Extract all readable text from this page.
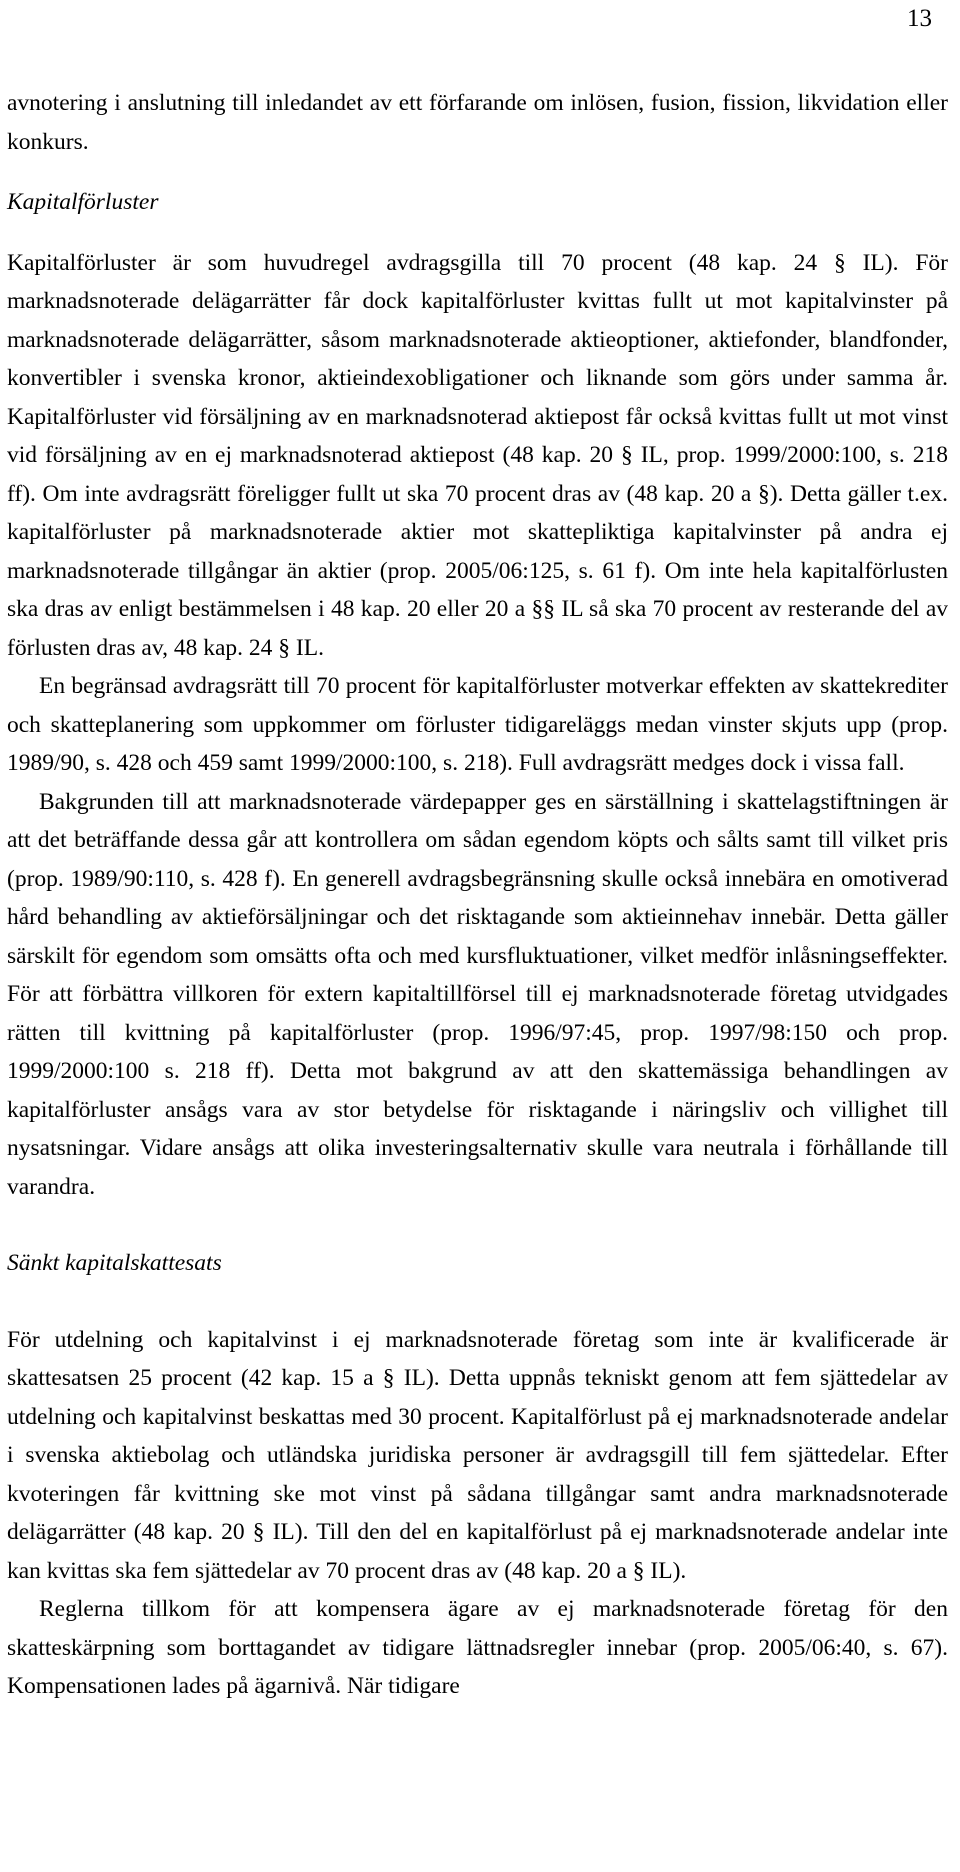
13

avnotering i anslutning till inledandet av ett förfarande om inlösen, fusion, fission, likvidation eller konkurs.

Kapitalförluster

Kapitalförluster är som huvudregel avdragsgilla till 70 procent (48 kap. 24 § IL). För marknadsnoterade delägarrätter får dock kapitalförluster kvittas fullt ut mot kapitalvinster på marknadsnoterade delägarrätter, såsom marknadsnoterade aktieoptioner, aktiefonder, blandfonder, konvertibler i svenska kronor, aktieindexobligationer och liknande som görs under samma år. Kapitalförluster vid försäljning av en marknadsnoterad aktiepost får också kvittas fullt ut mot vinst vid försäljning av en ej marknadsnoterad aktiepost (48 kap. 20 § IL, prop. 1999/2000:100, s. 218 ff). Om inte avdragsrätt föreligger fullt ut ska 70 procent dras av (48 kap. 20 a §). Detta gäller t.ex. kapitalförluster på marknadsnoterade aktier mot skattepliktiga kapitalvinster på andra ej marknadsnoterade tillgångar än aktier (prop. 2005/06:125, s. 61 f). Om inte hela kapitalförlusten ska dras av enligt bestämmelsen i 48 kap. 20 eller 20 a §§ IL så ska 70 procent av resterande del av förlusten dras av, 48 kap. 24 § IL.

En begränsad avdragsrätt till 70 procent för kapitalförluster motverkar effekten av skattekrediter och skatteplanering som uppkommer om förluster tidigareläggs medan vinster skjuts upp (prop. 1989/90, s. 428 och 459 samt 1999/2000:100, s. 218). Full avdragsrätt medges dock i vissa fall.

Bakgrunden till att marknadsnoterade värdepapper ges en särställning i skattelagstiftningen är att det beträffande dessa går att kontrollera om sådan egendom köpts och sålts samt till vilket pris (prop. 1989/90:110, s. 428 f). En generell avdragsbegränsning skulle också innebära en omotiverad hård behandling av aktieförsäljningar och det risktagande som aktieinnehav innebär. Detta gäller särskilt för egendom som omsätts ofta och med kursfluktuationer, vilket medför inlåsningseffekter. För att förbättra villkoren för extern kapitaltillförsel till ej marknadsnoterade företag utvidgades rätten till kvittning på kapitalförluster (prop. 1996/97:45, prop. 1997/98:150 och prop. 1999/2000:100 s. 218 ff). Detta mot bakgrund av att den skattemässiga behandlingen av kapitalförluster ansågs vara av stor betydelse för risktagande i näringsliv och villighet till nysatsningar. Vidare ansågs att olika investeringsalternativ skulle vara neutrala i förhållande till varandra.

Sänkt kapitalskattesats

För utdelning och kapitalvinst i ej marknadsnoterade företag som inte är kvalificerade är skattesatsen 25 procent (42 kap. 15 a § IL). Detta uppnås tekniskt genom att fem sjättedelar av utdelning och kapitalvinst beskattas med 30 procent. Kapitalförlust på ej marknadsnoterade andelar i svenska aktiebolag och utländska juridiska personer är avdragsgill till fem sjättedelar. Efter kvoteringen får kvittning ske mot vinst på sådana tillgångar samt andra marknadsnoterade delägarrätter (48 kap. 20 § IL). Till den del en kapitalförlust på ej marknadsnoterade andelar inte kan kvittas ska fem sjättedelar av 70 procent dras av (48 kap. 20 a § IL).

Reglerna tillkom för att kompensera ägare av ej marknadsnoterade företag för den skatteskärpning som borttagandet av tidigare lättnadsregler innebar (prop. 2005/06:40, s. 67). Kompensationen lades på ägarnivå. När tidigare
